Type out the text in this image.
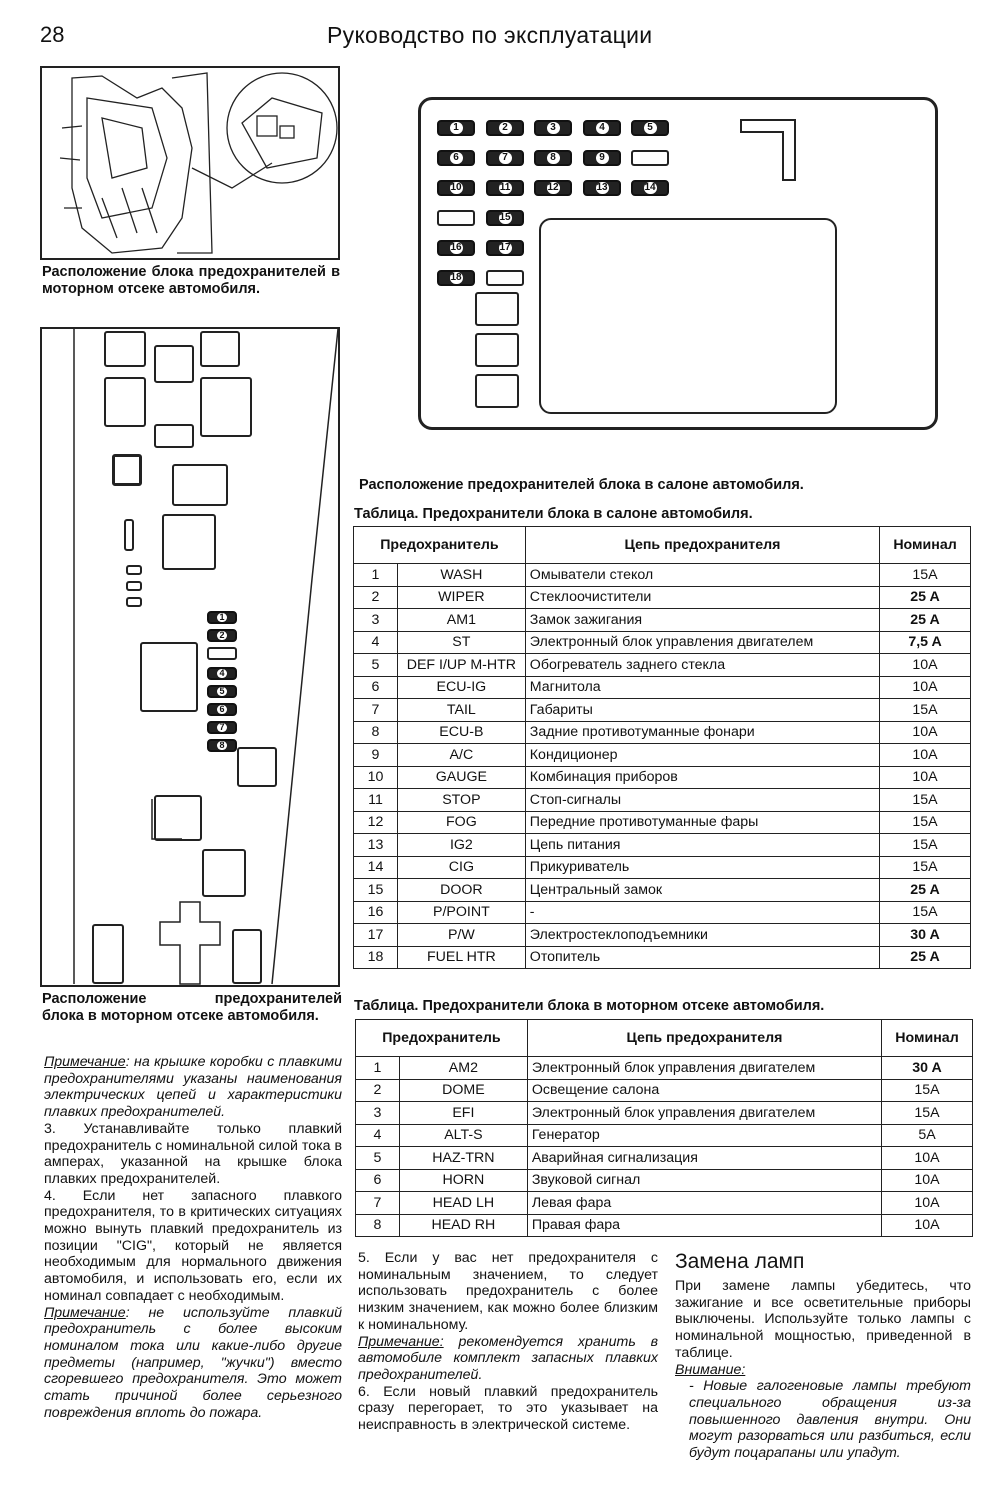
28	Руководство по эксплуатации
Расположение блока предохранителей в моторном отсеке автомобиля.
1
2
4
5
6
7
8
Расположение	предохранителей
блока в моторном отсеке автомобиля.
1	2	3	4	5
6	7	8	9
10	11	12	13	14
15
16	17
18
Расположение предохранителей блока в салоне автомобиля.
Таблица. Предохранители блока в салоне автомобиля.
Предохранитель		Цепь предохранителя	Номинал
1	WASH	Омыватели стекол	15A
2	WIPER	Стеклоочистители	25 A
3	AM1	Замок зажигания	25 A
4	ST	Электронный блок управления двигателем	7,5 A
5	DEF I/UP M-HTR	Обогреватель заднего стекла	10A
6	ECU-IG	Магнитола	10A
7	TAIL	Габариты	15A
8	ECU-B	Задние противотуманные фонари	10A
9	A/C	Кондиционер	10A
10	GAUGE	Комбинация приборов	10A
11	STOP	Стоп-сигналы	15A
12	FOG	Передние противотуманные фары	15A
13	IG2	Цепь питания	15A
14	CIG	Прикуриватель	15A
15	DOOR	Центральный замок	25 A
16	P/POINT	-	15A
17	P/W	Электростеклоподъемники	30 A
18	FUEL HTR	Отопитель	25 A
Таблица. Предохранители блока в моторном отсеке автомобиля.
Предохранитель		Цепь предохранителя	Номинал
1	AM2	Электронный блок управления двигателем	30 A
2	DOME	Освещение салона	15A
3	EFI	Электронный блок управления двигателем	15A
4	ALT-S	Генератор	5A
5	HAZ-TRN	Аварийная сигнализация	10A
6	HORN	Звуковой сигнал	10A
7	HEAD LH	Левая фара	10A
8	HEAD RH	Правая фара	10A

Примечание: на крышке коробки с плавкими предохранителями указаны наименования электрических цепей и характеристики плавких предохранителей.

3. Устанавливайте только плавкий предохранитель с номинальной силой тока в амперах, указанной на крышке блока плавких предохранителей.

4. Если нет запасного плавкого предохранителя, то в критических ситуациях можно вынуть плавкий предохранитель из позиции "CIG", который не является необходимым для нормального движения автомобиля, и использовать его, если их номинал совпадает с необходимым.

Примечание: не используйте плавкий предохранитель с более высоким номиналом тока или какие-либо другие предметы (например, "жучки") вместо сгоревшего предохранителя. Это может стать причиной более серьезного повреждения вплоть до пожара.

5. Если у вас нет предохранителя с номинальным значением, то следует использовать предохранитель с более низким значением, как можно более близким к номинальному.

Примечание: рекомендуется хранить в автомобиле комплект запасных плавких предохранителей.

6. Если новый плавкий предохранитель сразу перегорает, то это указывает на неисправность в электрической системе.

Замена ламп

При замене лампы убедитесь, что зажигание и все осветительные приборы выключены. Используйте только лампы с номинальной мощностью, приведенной в таблице.

Внимание:

- Новые галогеновые лампы требуют специального обращения из-за повышенного давления внутри. Они могут разорваться или разбиться, если будут поцарапаны или упадут.
